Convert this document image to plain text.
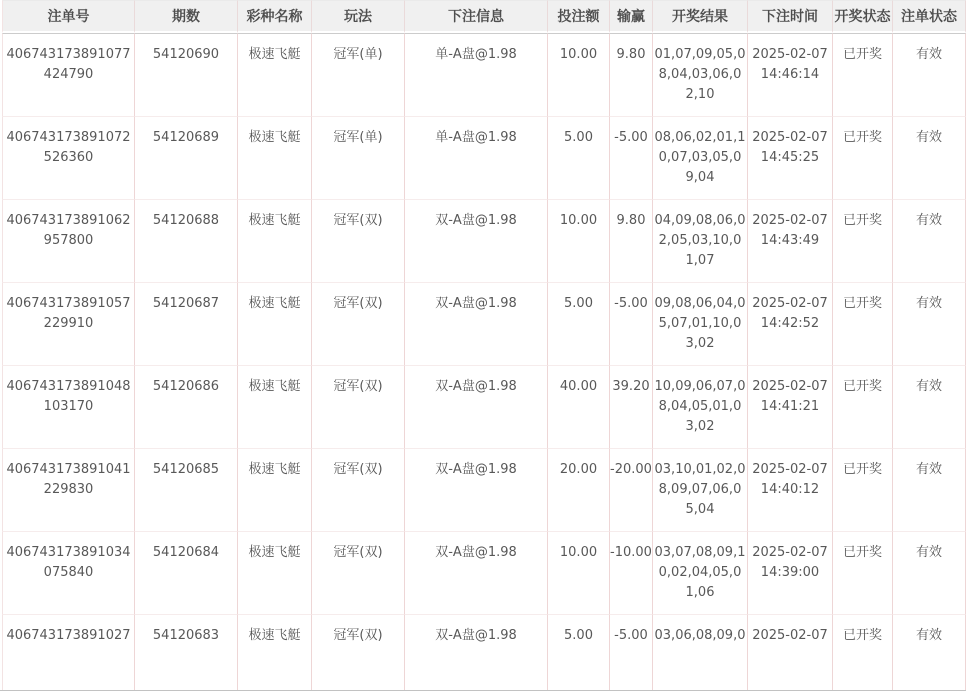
注单号	期数	彩种名称	玩法	下注信息	投注额	输赢	开奖结果	下注时间	开奖状态	注单状态
406743173891077424790	54120690	极速飞艇	冠军(单)	单-A盘@1.98	10.00	9.80	01,07,09,05,08,04,03,06,02,10	2025-02-07 14:46:14	已开奖	有效
406743173891072526360	54120689	极速飞艇	冠军(单)	单-A盘@1.98	5.00	-5.00	08,06,02,01,10,07,03,05,09,04	2025-02-07 14:45:25	已开奖	有效
406743173891062957800	54120688	极速飞艇	冠军(双)	双-A盘@1.98	10.00	9.80	04,09,08,06,02,05,03,10,01,07	2025-02-07 14:43:49	已开奖	有效
406743173891057229910	54120687	极速飞艇	冠军(双)	双-A盘@1.98	5.00	-5.00	09,08,06,04,05,07,01,10,03,02	2025-02-07 14:42:52	已开奖	有效
406743173891048103170	54120686	极速飞艇	冠军(双)	双-A盘@1.98	40.00	39.20	10,09,06,07,08,04,05,01,03,02	2025-02-07 14:41:21	已开奖	有效
406743173891041229830	54120685	极速飞艇	冠军(双)	双-A盘@1.98	20.00	-20.00	03,10,01,02,08,09,07,06,05,04	2025-02-07 14:40:12	已开奖	有效
406743173891034075840	54120684	极速飞艇	冠军(双)	双-A盘@1.98	10.00	-10.00	03,07,08,09,10,02,04,05,01,06	2025-02-07 14:39:00	已开奖	有效
406743173891027	54120683	极速飞艇	冠军(双)	双-A盘@1.98	5.00	-5.00	03,06,08,09,0	2025-02-07	已开奖	有效
